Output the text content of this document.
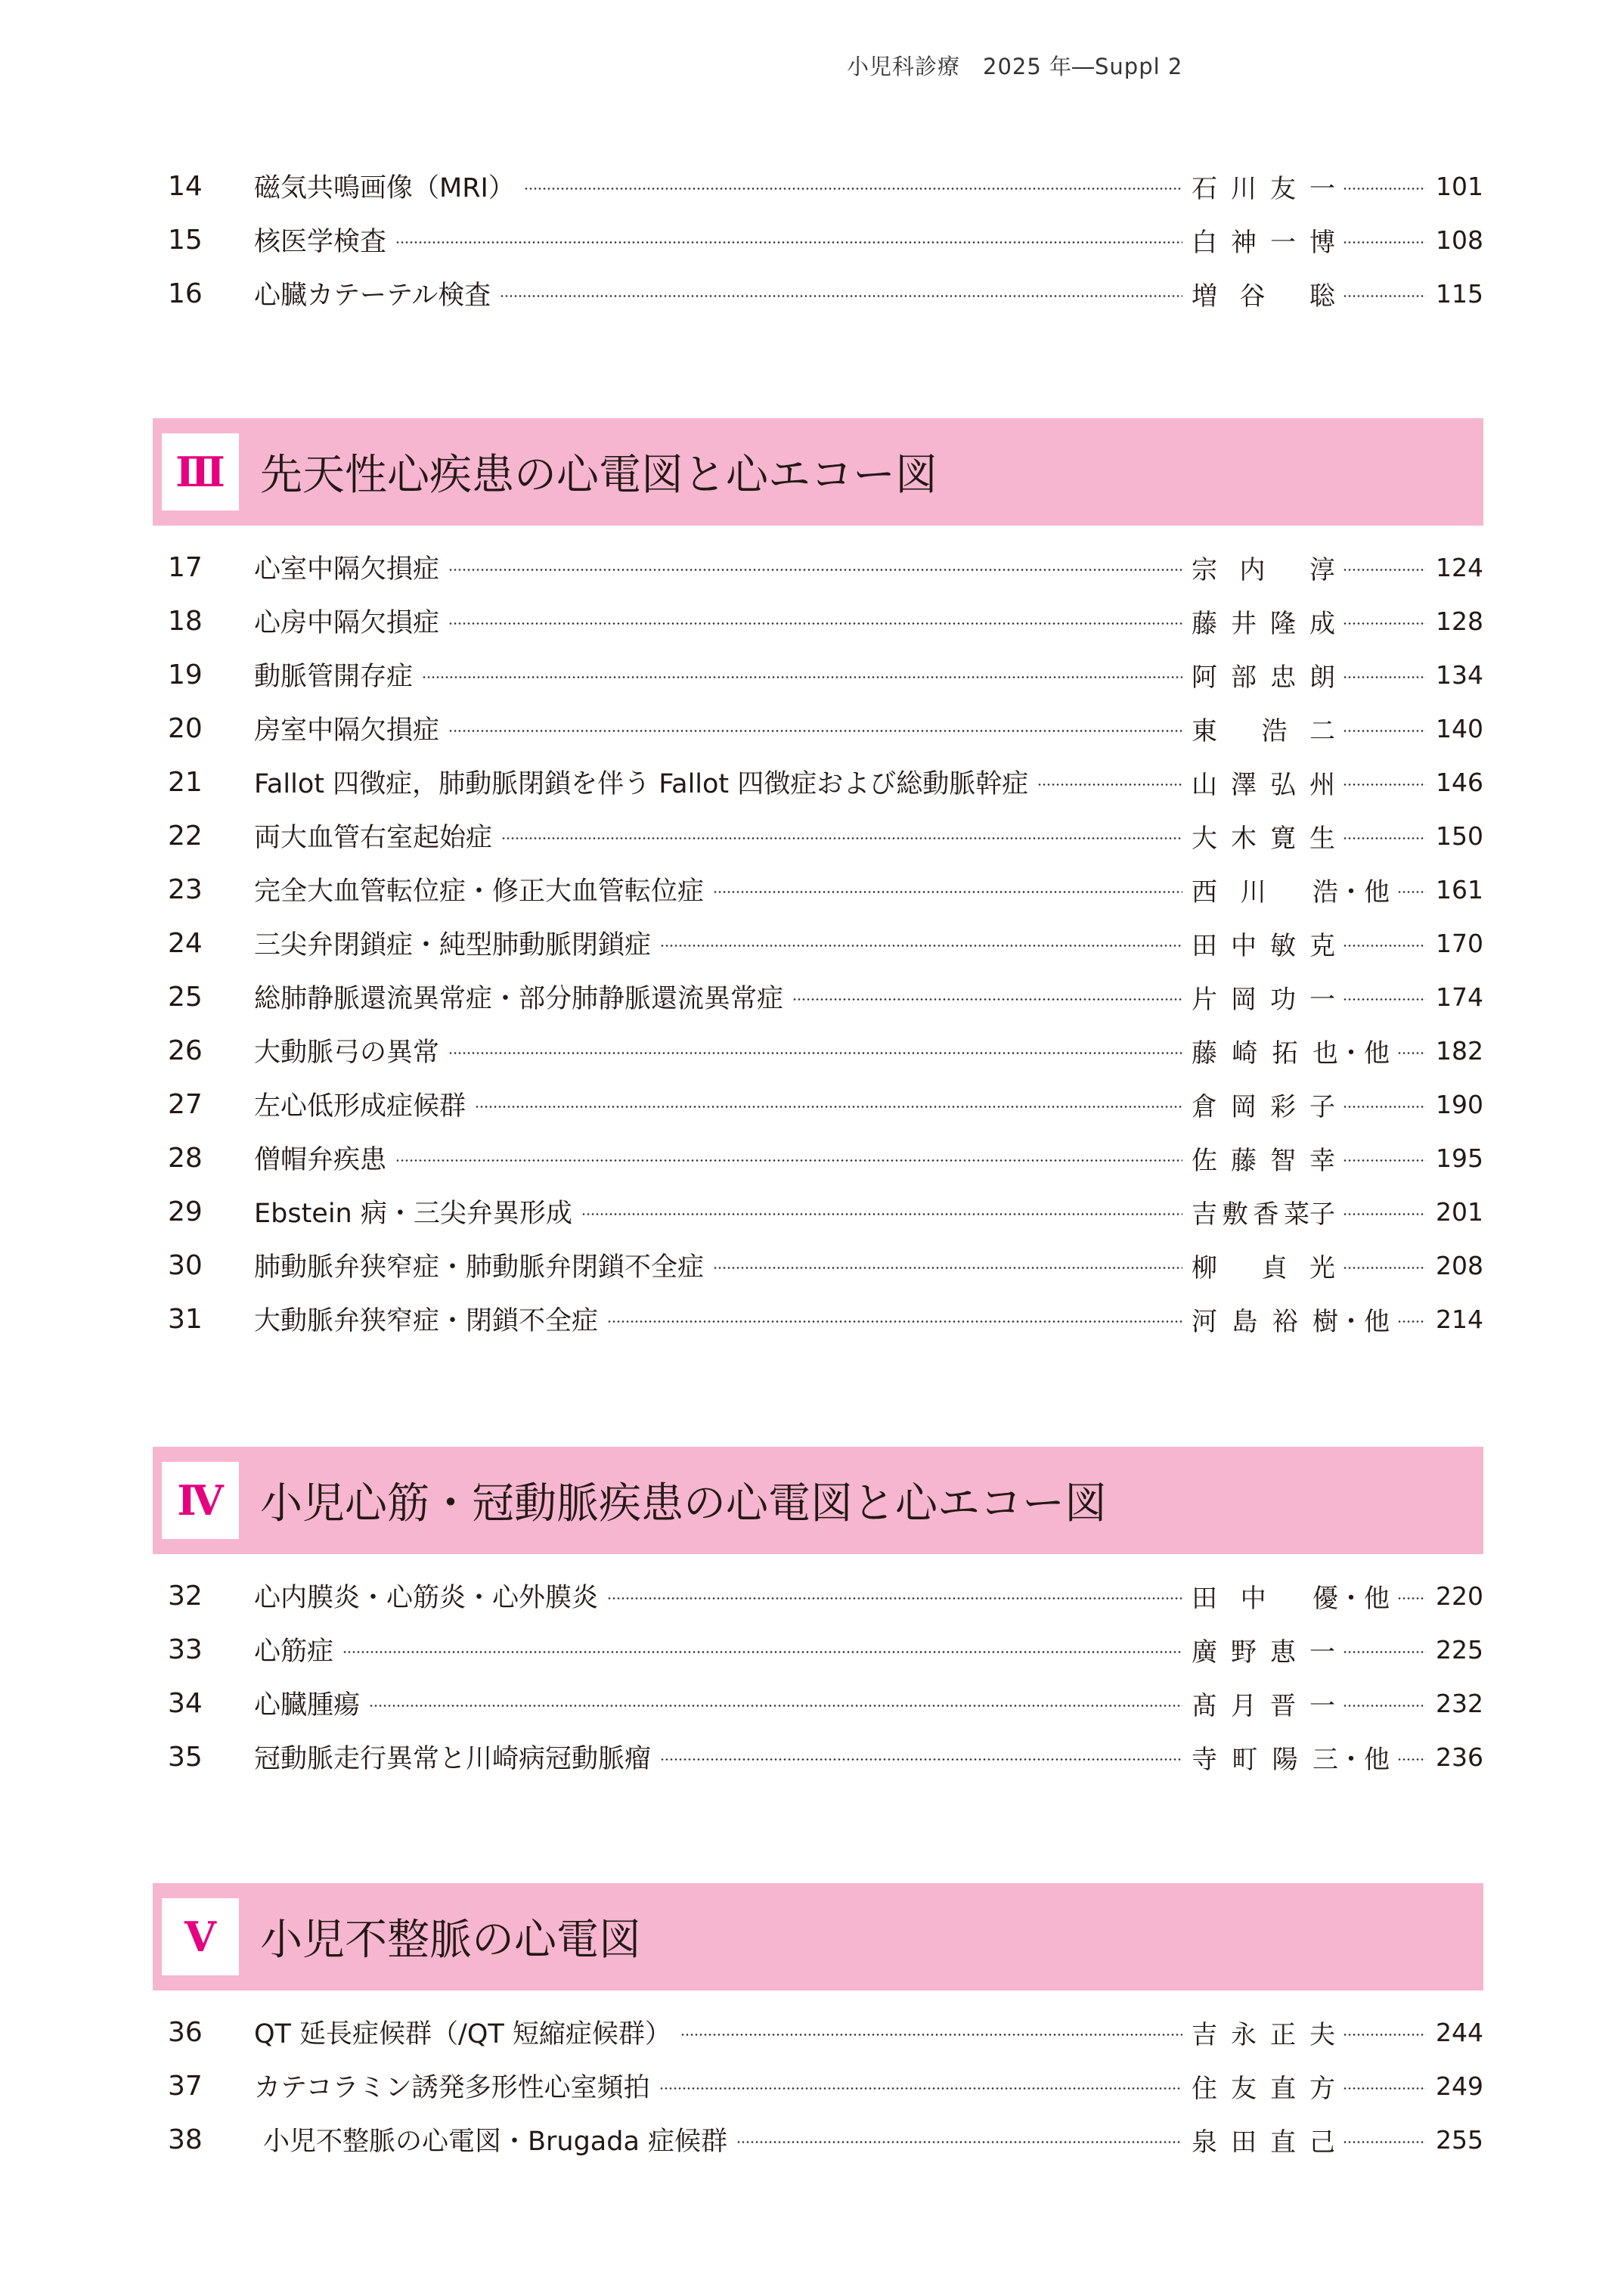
小児科診療　2025 年―Suppl 2
14	磁気共鳴画像（MRI）	石 川 友 一	101
15	核医学検査	白 神 一 博	108
16	心臓カテーテル検査	増 谷 聡	115
Ⅲ 先天性心疾患の心電図と心エコー図
17	心室中隔欠損症	宗 内 淳	124
18	心房中隔欠損症	藤 井 隆 成	128
19	動脈管開存症	阿 部 忠 朗	134
20	房室中隔欠損症	東 浩 二	140
21	Fallot 四徴症，肺動脈閉鎖を伴う Fallot 四徴症および総動脈幹症	山 澤 弘 州	146
22	両大血管右室起始症	大 木 寛 生	150
23	完全大血管転位症・修正大血管転位症	西 川 浩・他 161
24	三尖弁閉鎖症・純型肺動脈閉鎖症	田 中 敏 克	170
25	総肺静脈還流異常症・部分肺静脈還流異常症	片 岡 功 一	174
26	大動脈弓の異常	藤 崎 拓 也・他 182
27	左心低形成症候群	倉 岡 彩 子	190
28	僧帽弁疾患	佐 藤 智 幸	195
29	Ebstein 病・三尖弁異形成	吉 敷 香 菜子	201
30	肺動脈弁狭窄症・肺動脈弁閉鎖不全症	柳 貞 光	208
31	大動脈弁狭窄症・閉鎖不全症	河 島 裕 樹・他 214
Ⅳ 小児心筋・冠動脈疾患の心電図と心エコー図
32	心内膜炎・心筋炎・心外膜炎	田 中 優・他 220
33	心筋症	廣 野 恵 一	225
34	心臓腫瘍	髙 月 晋 一	232
35	冠動脈走行異常と川崎病冠動脈瘤	寺 町 陽 三・他 236
Ⅴ	小児不整脈の心電図
36	QT 延長症候群（/QT 短縮症候群）	吉 永 正 夫	244
37	カテコラミン誘発多形性心室頻拍	住 友 直 方	249
38	小児不整脈の心電図・Brugada 症候群	泉 田 直 己	255
